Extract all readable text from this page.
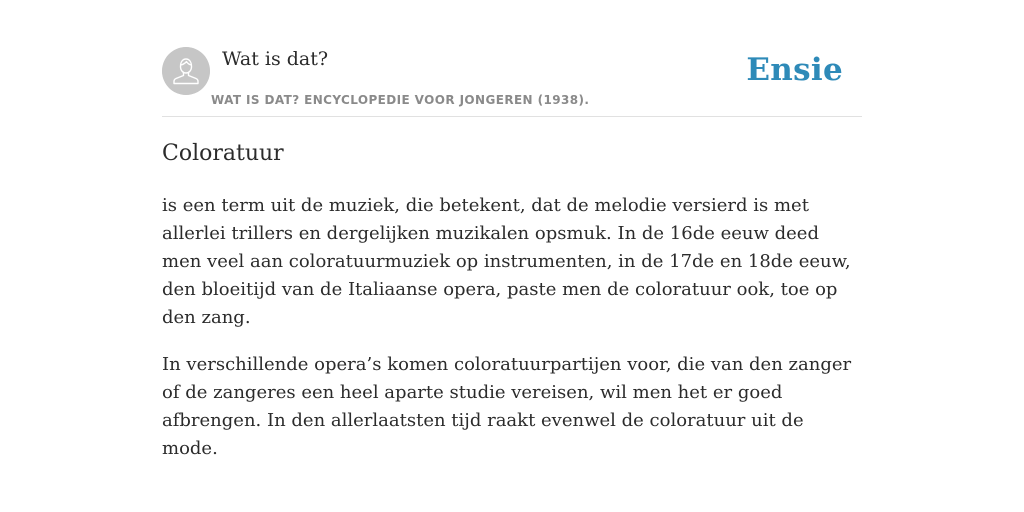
Wat is dat?
WAT IS DAT? ENCYCLOPEDIE VOOR JONGEREN (1938).
Ensie
Coloratuur

is een term uit de muziek, die betekent, dat de melodie versierd is met allerlei trillers en dergelijken muzikalen opsmuk. In de 16de eeuw deed men veel aan coloratuurmuziek op instrumenten, in de 17de en 18de eeuw, den bloeitijd van de Italiaanse opera, paste men de coloratuur ook, toe op den zang.

In verschillende opera’s komen coloratuurpartijen voor, die van den zanger of de zangeres een heel aparte studie vereisen, wil men het er goed afbrengen. In den allerlaatsten tijd raakt evenwel de coloratuur uit de mode.
